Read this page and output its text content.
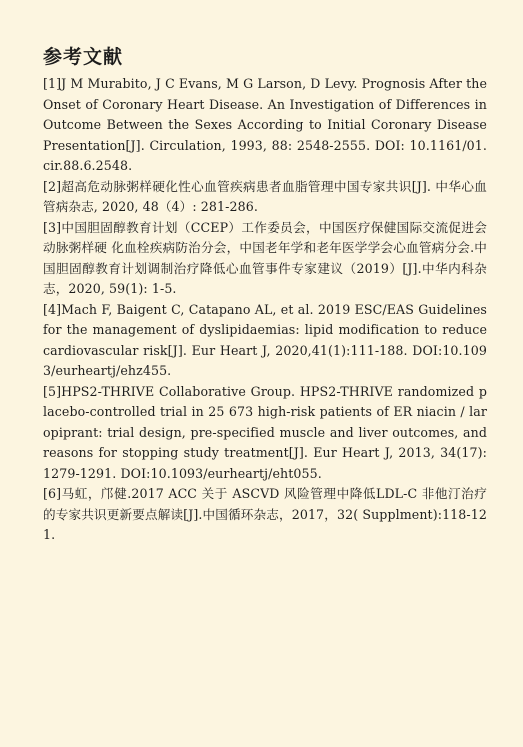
参考文献

[1]J M Murabito, J C Evans, M G Larson, D Levy. Prognosis After the Onset of Coronary Heart Disease. An Investigation of Differences in Outcome Between the Sexes According to Initial Coronary Disease Presentation[J]. Circulation, 1993, 88: 2548-2555. DOI: 10.1161/01.cir.88.6.2548.

[2]超高危动脉粥样硬化性心血管疾病患者血脂管理中国专家共识[J]. 中华心血管病杂志, 2020, 48（4）: 281-286.

[3]中国胆固醇教育计划（CCEP）工作委员会，中国医疗保健国际交流促进会动脉粥样硬 化血栓疾病防治分会，中国老年学和老年医学学会心血管病分会.中国胆固醇教育计划调制治疗降低心血管事件专家建议（2019）[J].中华内科杂志，2020, 59(1): 1-5.

[4]Mach F, Baigent C, Catapano AL, et al. 2019 ESC/EAS Guidelines for the management of dyslipidaemias: lipid modification to reduce cardiovascular risk[J]. Eur Heart J, 2020,41(1):111-188. DOI:10.1093/eurheartj/ehz455.

[5]HPS2-THRIVE Collaborative Group. HPS2-THRIVE randomized placebo-controlled trial in 25 673 high-risk patients of ER niacin / laropiprant: trial design, pre-specified muscle and liver outcomes, and reasons for stopping study treatment[J]. Eur Heart J, 2013, 34(17): 1279-1291. DOI:10.1093/eurheartj/eht055.

[6]马虹，邝健.2017 ACC 关于 ASCVD 风险管理中降低LDL-C 非他汀治疗的专家共识更新要点解读[J].中国循环杂志，2017，32( Supplment):118-121.
